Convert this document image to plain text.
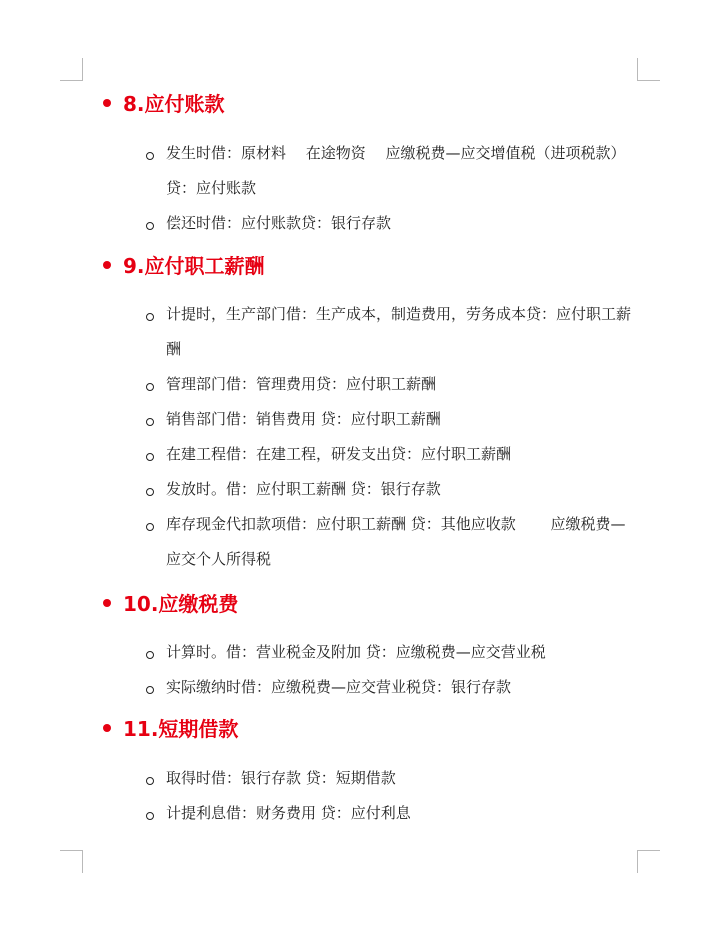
8.应付账款
发生时借：原材料　 在途物资 　应缴税费—应交增值税（进项税款）贷：应付账款
偿还时借：应付账款贷：银行存款
9.应付职工薪酬
计提时，生产部门借：生产成本，制造费用，劳务成本贷：应付职工薪酬
管理部门借：管理费用贷：应付职工薪酬
销售部门借：销售费用 贷：应付职工薪酬
在建工程借：在建工程，研发支出贷：应付职工薪酬
发放时。借：应付职工薪酬 贷：银行存款
库存现金代扣款项借：应付职工薪酬 贷：其他应收款 　　应缴税费—应交个人所得税
10.应缴税费
计算时。借：营业税金及附加 贷：应缴税费—应交营业税
实际缴纳时借：应缴税费—应交营业税贷：银行存款
11.短期借款
取得时借：银行存款 贷：短期借款
计提利息借：财务费用 贷：应付利息
